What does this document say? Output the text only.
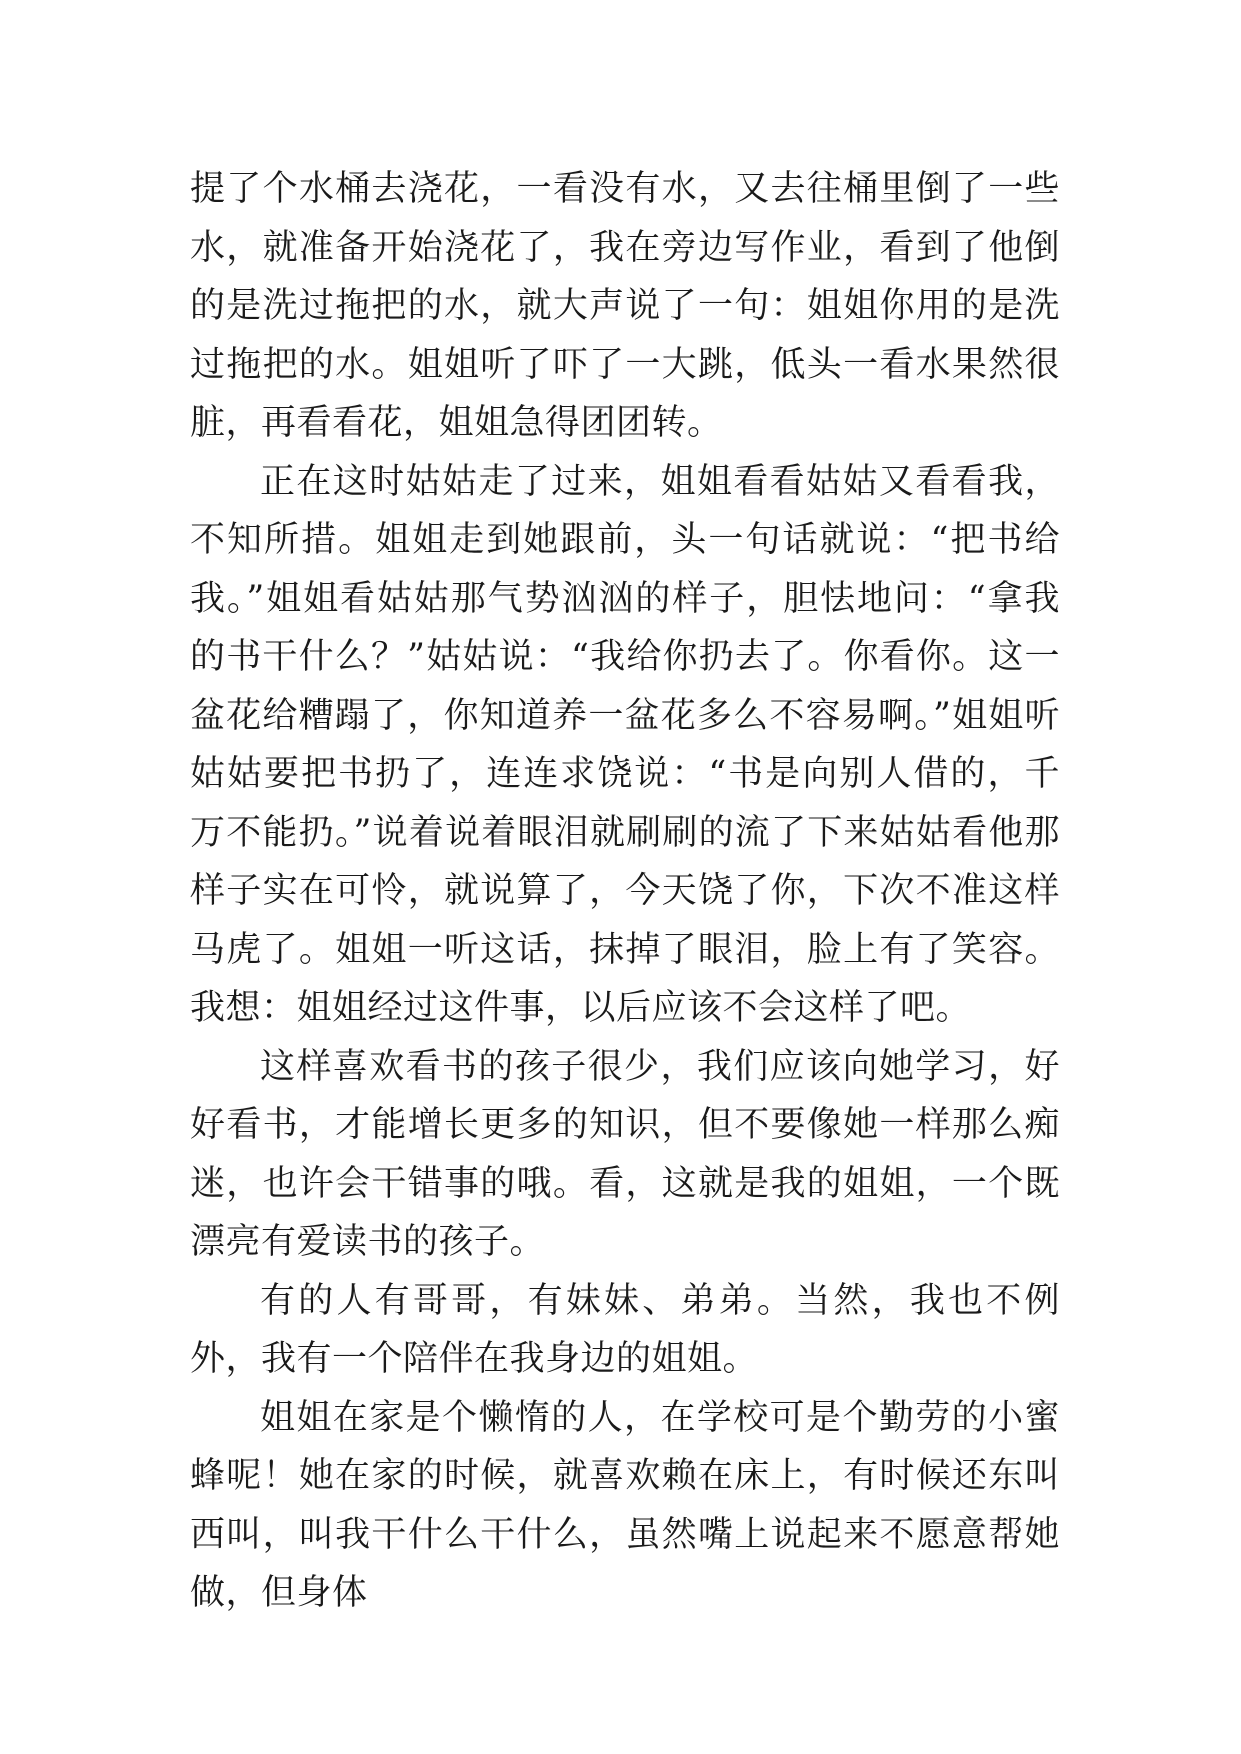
提了个水桶去浇花，一看没有水，又去往桶里倒了一些水，就准备开始浇花了，我在旁边写作业，看到了他倒的是洗过拖把的水，就大声说了一句：姐姐你用的是洗过拖把的水。姐姐听了吓了一大跳，低头一看水果然很脏，再看看花，姐姐急得团团转。

正在这时姑姑走了过来，姐姐看看姑姑又看看我，不知所措。姐姐走到她跟前，头一句话就说：“把书给我。”姐姐看姑姑那气势汹汹的样子，胆怯地问：“拿我的书干什么？”姑姑说：“我给你扔去了。你看你。这一盆花给糟蹋了，你知道养一盆花多么不容易啊。”姐姐听姑姑要把书扔了，连连求饶说：“书是向别人借的，千万不能扔。”说着说着眼泪就刷刷的流了下来姑姑看他那样子实在可怜，就说算了，今天饶了你，下次不准这样马虎了。姐姐一听这话，抹掉了眼泪，脸上有了笑容。我想：姐姐经过这件事，以后应该不会这样了吧。

这样喜欢看书的孩子很少，我们应该向她学习，好好看书，才能增长更多的知识，但不要像她一样那么痴迷，也许会干错事的哦。看，这就是我的姐姐，一个既漂亮有爱读书的孩子。

有的人有哥哥，有妹妹、弟弟。当然，我也不例外，我有一个陪伴在我身边的姐姐。

姐姐在家是个懒惰的人，在学校可是个勤劳的小蜜蜂呢！她在家的时候，就喜欢赖在床上，有时候还东叫西叫，叫我干什么干什么，虽然嘴上说起来不愿意帮她做，但身体
